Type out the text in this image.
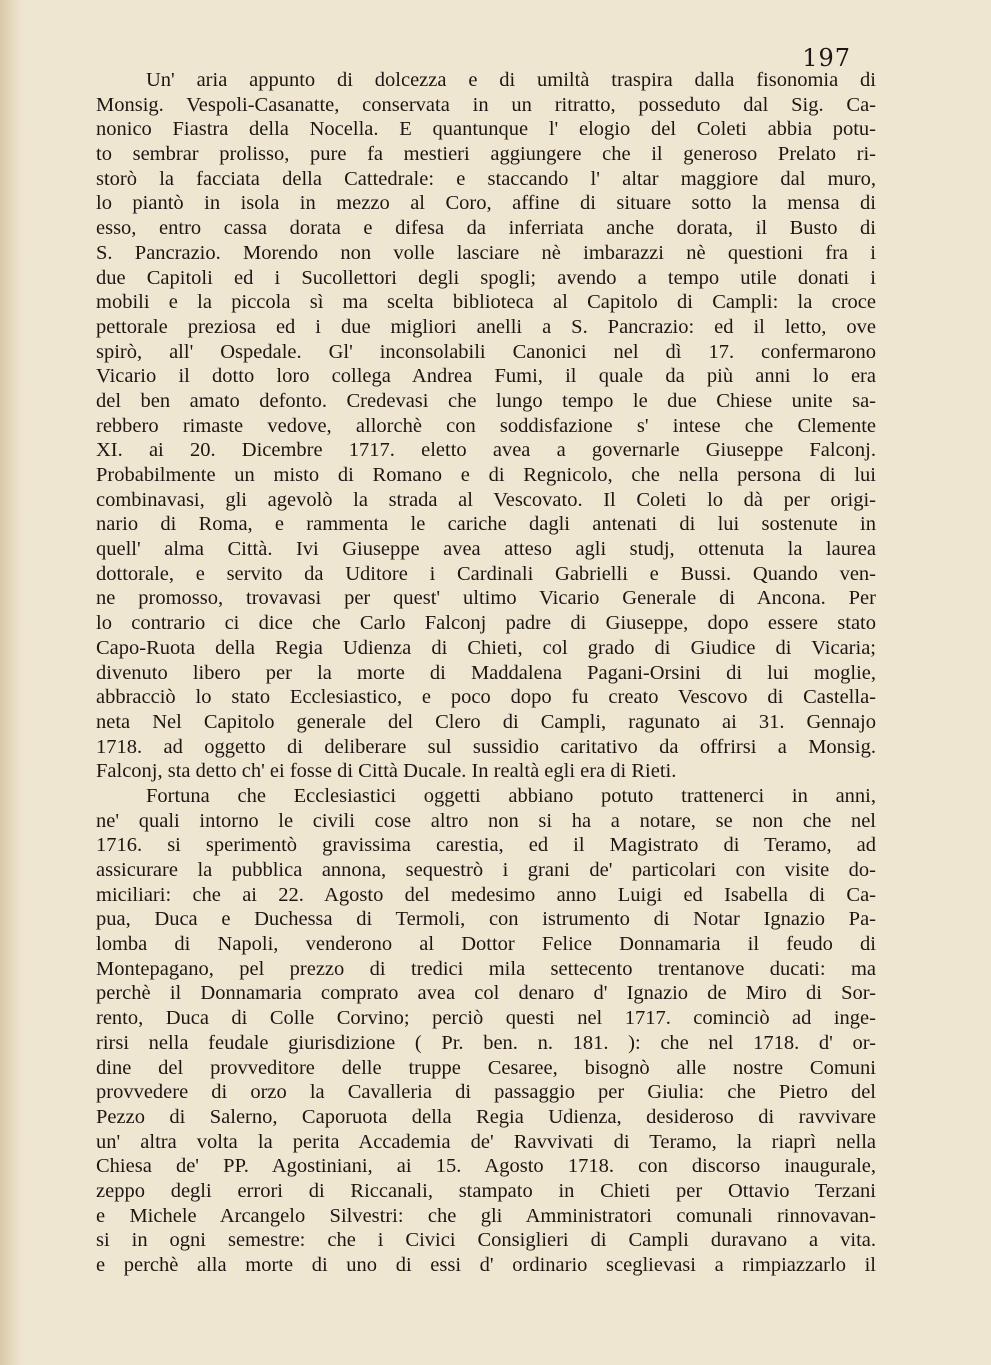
197
Un' aria appunto di dolcezza e di umiltà traspira dalla fisonomia di
Monsig. Vespoli-Casanatte, conservata in un ritratto, posseduto dal Sig. Ca-
nonico Fiastra della Nocella. E quantunque l' elogio del Coleti abbia potu-
to sembrar prolisso, pure fa mestieri aggiungere che il generoso Prelato ri-
storò la facciata della Cattedrale: e staccando l' altar maggiore dal muro,
lo piantò in isola in mezzo al Coro, affine di situare sotto la mensa di
esso, entro cassa dorata e difesa da inferriata anche dorata, il Busto di
S. Pancrazio. Morendo non volle lasciare nè imbarazzi nè questioni fra i
due Capitoli ed i Sucollettori degli spogli; avendo a tempo utile donati i
mobili e la piccola sì ma scelta biblioteca al Capitolo di Campli: la croce
pettorale preziosa ed i due migliori anelli a S. Pancrazio: ed il letto, ove
spirò, all' Ospedale. Gl' inconsolabili Canonici nel dì 17. confermarono
Vicario il dotto loro collega Andrea Fumi, il quale da più anni lo era
del ben amato defonto. Credevasi che lungo tempo le due Chiese unite sa-
rebbero rimaste vedove, allorchè con soddisfazione s' intese che Clemente
XI. ai 20. Dicembre 1717. eletto avea a governarle Giuseppe Falconj.
Probabilmente un misto di Romano e di Regnicolo, che nella persona di lui
combinavasi, gli agevolò la strada al Vescovato. Il Coleti lo dà per origi-
nario di Roma, e rammenta le cariche dagli antenati di lui sostenute in
quell' alma Città. Ivi Giuseppe avea atteso agli studj, ottenuta la laurea
dottorale, e servito da Uditore i Cardinali Gabrielli e Bussi. Quando ven-
ne promosso, trovavasi per quest' ultimo Vicario Generale di Ancona. Per
lo contrario ci dice che Carlo Falconj padre di Giuseppe, dopo essere stato
Capo-Ruota della Regia Udienza di Chieti, col grado di Giudice di Vicaria;
divenuto libero per la morte di Maddalena Pagani-Orsini di lui moglie,
abbracciò lo stato Ecclesiastico, e poco dopo fu creato Vescovo di Castella-
neta Nel Capitolo generale del Clero di Campli, ragunato ai 31. Gennajo
1718. ad oggetto di deliberare sul sussidio caritativo da offrirsi a Monsig.
Falconj, sta detto ch' ei fosse di Città Ducale. In realtà egli era di Rieti.
Fortuna che Ecclesiastici oggetti abbiano potuto trattenerci in anni,
ne' quali intorno le civili cose altro non si ha a notare, se non che nel
1716. si sperimentò gravissima carestia, ed il Magistrato di Teramo, ad
assicurare la pubblica annona, sequestrò i grani de' particolari con visite do-
miciliari: che ai 22. Agosto del medesimo anno Luigi ed Isabella di Ca-
pua, Duca e Duchessa di Termoli, con istrumento di Notar Ignazio Pa-
lomba di Napoli, venderono al Dottor Felice Donnamaria il feudo di
Montepagano, pel prezzo di tredici mila settecento trentanove ducati: ma
perchè il Donnamaria comprato avea col denaro d' Ignazio de Miro di Sor-
rento, Duca di Colle Corvino; perciò questi nel 1717. cominciò ad inge-
rirsi nella feudale giurisdizione ( Pr. ben. n. 181. ): che nel 1718. d' or-
dine del provveditore delle truppe Cesaree, bisognò alle nostre Comuni
provvedere di orzo la Cavalleria di passaggio per Giulia: che Pietro del
Pezzo di Salerno, Caporuota della Regia Udienza, desideroso di ravvivare
un' altra volta la perita Accademia de' Ravvivati di Teramo, la riaprì nella
Chiesa de' PP. Agostiniani, ai 15. Agosto 1718. con discorso inaugurale,
zeppo degli errori di Riccanali, stampato in Chieti per Ottavio Terzani
e Michele Arcangelo Silvestri: che gli Amministratori comunali rinnovavan-
si in ogni semestre: che i Civici Consiglieri di Campli duravano a vita.
e perchè alla morte di uno di essi d' ordinario sceglievasi a rimpiazzarlo il
